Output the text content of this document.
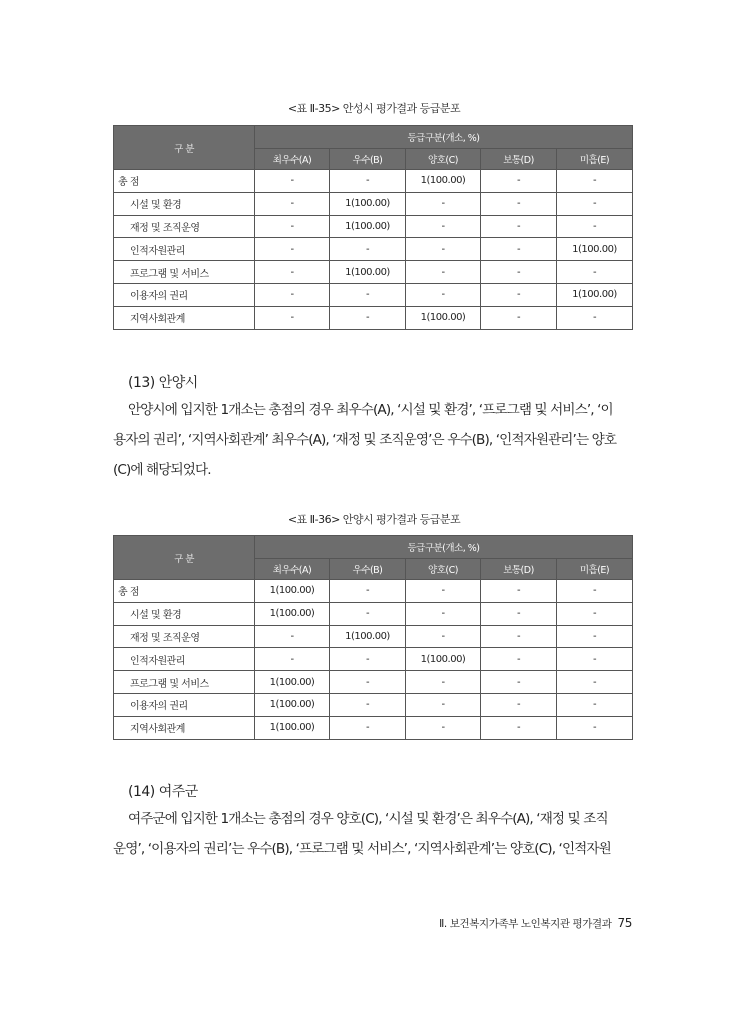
<표 Ⅱ-35> 안성시 평가결과 등급분포
구 분	등급구분(개소, %)				
	최우수(A)	우수(B)	양호(C)	보통(D)	미흡(E)
총 점	-	-	1(100.00)	-	-
시설 및 환경	-	1(100.00)	-	-	-
재정 및 조직운영	-	1(100.00)	-	-	-
인적자원관리	-	-	-	-	1(100.00)
프로그램 및 서비스	-	1(100.00)	-	-	-
이용자의 권리	-	-	-	-	1(100.00)
지역사회관계	-	-	1(100.00)	-	-
(13) 안양시

안양시에 입지한 1개소는 총점의 경우 최우수(A), ‘시설 및 환경’, ‘프로그램 및 서비스’, ‘이

용자의 권리’, ‘지역사회관계’ 최우수(A), ‘재정 및 조직운영’은 우수(B), ‘인적자원관리’는 양호

(C)에 해당되었다.

<표 Ⅱ-36> 안양시 평가결과 등급분포
구 분	등급구분(개소, %)				
	최우수(A)	우수(B)	양호(C)	보통(D)	미흡(E)
총 점	1(100.00)	-	-	-	-
시설 및 환경	1(100.00)	-	-	-	-
재정 및 조직운영	-	1(100.00)	-	-	-
인적자원관리	-	-	1(100.00)	-	-
프로그램 및 서비스	1(100.00)	-	-	-	-
이용자의 권리	1(100.00)	-	-	-	-
지역사회관계	1(100.00)	-	-	-	-
(14) 여주군

여주군에 입지한 1개소는 총점의 경우 양호(C), ‘시설 및 환경’은 최우수(A), ‘재정 및 조직

운영’, ‘이용자의 권리’는 우수(B), ‘프로그램 및 서비스’, ‘지역사회관계’는 양호(C), ‘인적자원

Ⅱ. 보건복지가족부 노인복지관 평가결과 75
